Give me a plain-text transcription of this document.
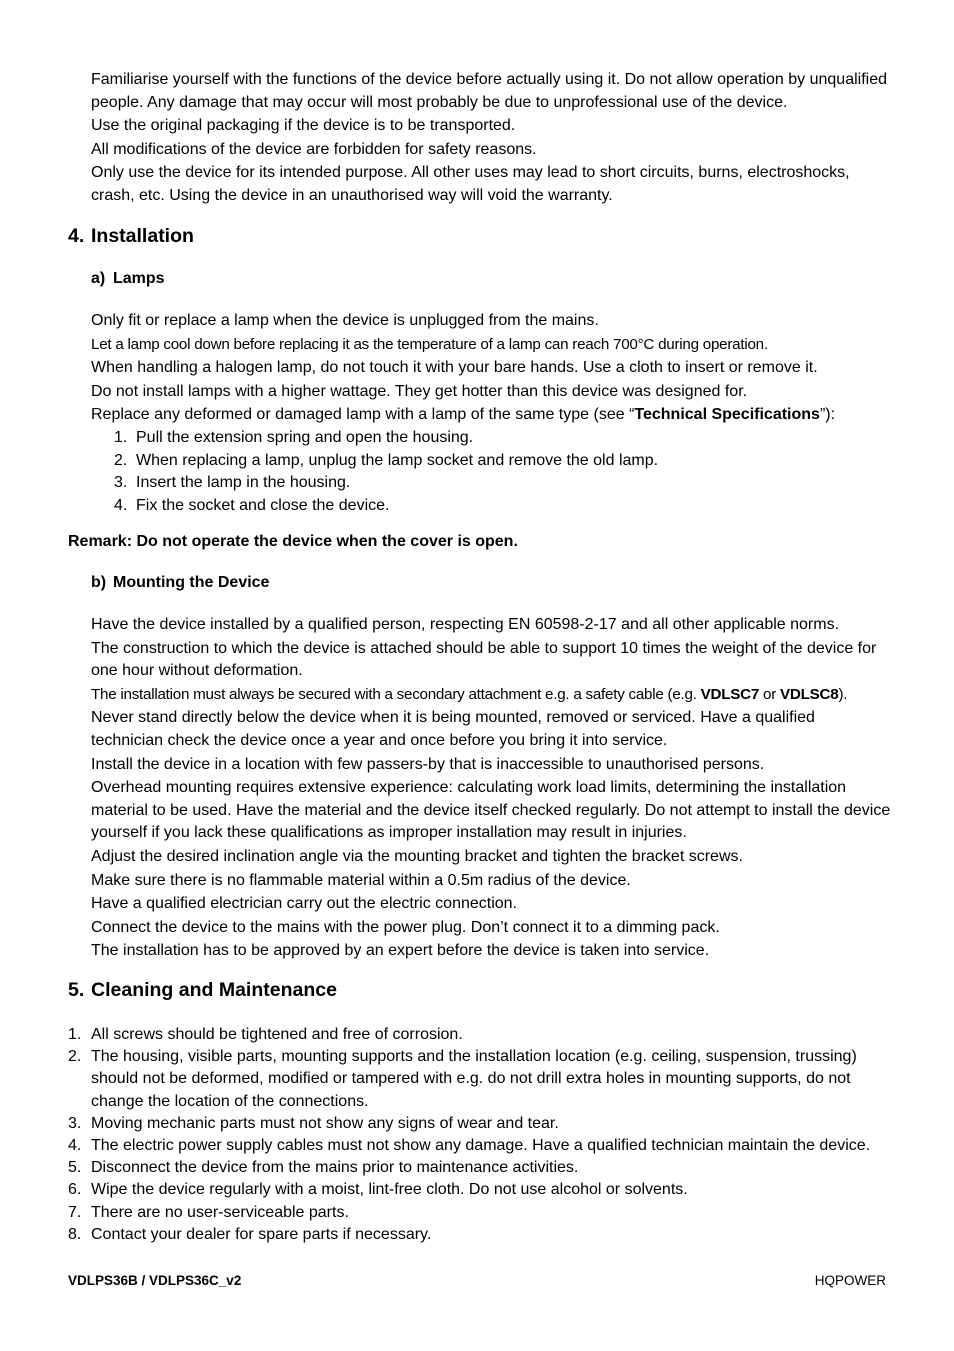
Familiarise yourself with the functions of the device before actually using it. Do not allow operation by unqualified people. Any damage that may occur will most probably be due to unprofessional use of the device.

Use the original packaging if the device is to be transported.

All modifications of the device are forbidden for safety reasons.

Only use the device for its intended purpose. All other uses may lead to short circuits, burns, electroshocks, crash, etc. Using the device in an unauthorised way will void the warranty.

4. Installation
a) Lamps

Only fit or replace a lamp when the device is unplugged from the mains.

Let a lamp cool down before replacing it as the temperature of a lamp can reach 700°C during operation.

When handling a halogen lamp, do not touch it with your bare hands. Use a cloth to insert or remove it.

Do not install lamps with a higher wattage. They get hotter than this device was designed for.

Replace any deformed or damaged lamp with a lamp of the same type (see “Technical Specifications”):

1. Pull the extension spring and open the housing.
2. When replacing a lamp, unplug the lamp socket and remove the old lamp.
3. Insert the lamp in the housing.
4. Fix the socket and close the device.

Remark: Do not operate the device when the cover is open.

b) Mounting the Device

Have the device installed by a qualified person, respecting EN 60598-2-17 and all other applicable norms.

The construction to which the device is attached should be able to support 10 times the weight of the device for one hour without deformation.

The installation must always be secured with a secondary attachment e.g. a safety cable (e.g. VDLSC7 or VDLSC8).

Never stand directly below the device when it is being mounted, removed or serviced. Have a qualified technician check the device once a year and once before you bring it into service.

Install the device in a location with few passers-by that is inaccessible to unauthorised persons.

Overhead mounting requires extensive experience: calculating work load limits, determining the installation material to be used. Have the material and the device itself checked regularly. Do not attempt to install the device yourself if you lack these qualifications as improper installation may result in injuries.

Adjust the desired inclination angle via the mounting bracket and tighten the bracket screws.

Make sure there is no flammable material within a 0.5m radius of the device.

Have a qualified electrician carry out the electric connection.

Connect the device to the mains with the power plug. Don’t connect it to a dimming pack.

The installation has to be approved by an expert before the device is taken into service.

5. Cleaning and Maintenance
1. All screws should be tightened and free of corrosion.
2. The housing, visible parts, mounting supports and the installation location (e.g. ceiling, suspension, trussing) should not be deformed, modified or tampered with e.g. do not drill extra holes in mounting supports, do not change the location of the connections.
3. Moving mechanic parts must not show any signs of wear and tear.
4. The electric power supply cables must not show any damage. Have a qualified technician maintain the device.
5. Disconnect the device from the mains prior to maintenance activities.
6. Wipe the device regularly with a moist, lint-free cloth. Do not use alcohol or solvents.
7. There are no user-serviceable parts.
8. Contact your dealer for spare parts if necessary.
VDLPS36B / VDLPS36C_v2	HQPOWER
